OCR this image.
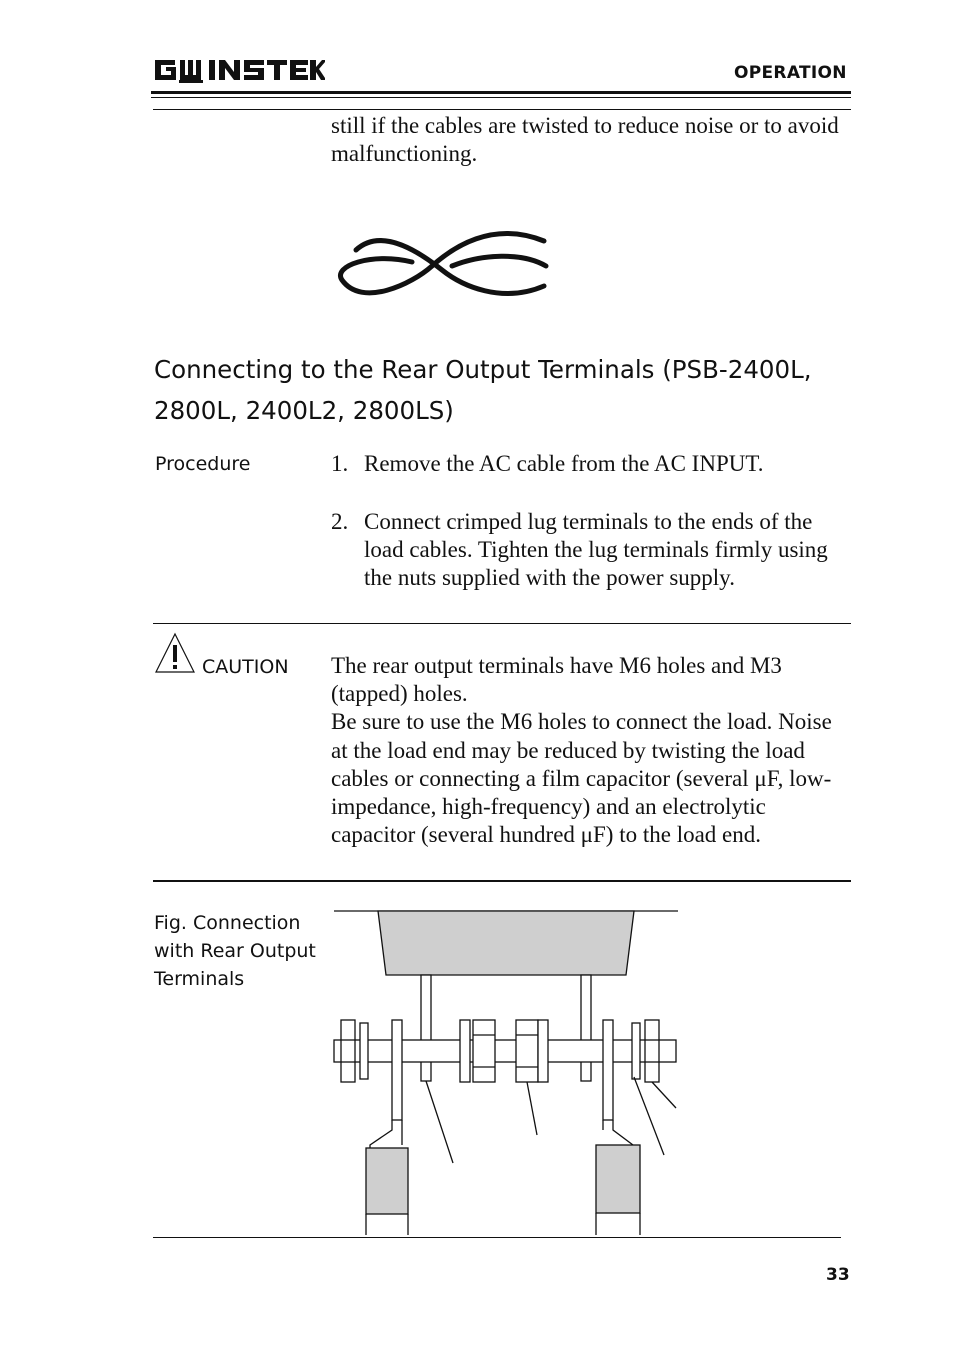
OPERATION
still if the cables are twisted to reduce noise or to avoid malfunctioning.
Connecting to the Rear Output Terminals (PSB-2400L, 2800L, 2400L2, 2800LS)
Procedure	1. Remove the AC cable from the AC INPUT.
2. Connect crimped lug terminals to the ends of the load cables. Tighten the lug terminals firmly using the nuts supplied with the power supply.
CAUTION The rear output terminals have M6 holes and M3 (tapped) holes.
Be sure to use the M6 holes to connect the load. Noise at the load end may be reduced by twisting the load cables or connecting a film capacitor (several μF, low-impedance, high-frequency) and an electrolytic capacitor (several hundred μF) to the load end.
Fig. Connection with Rear Output Terminals
33
